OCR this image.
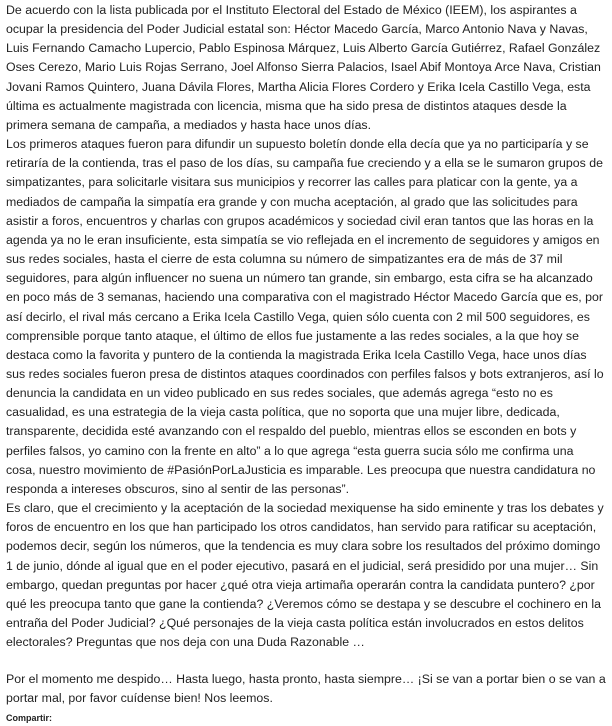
De acuerdo con la lista publicada por el Instituto Electoral del Estado de México (IEEM), los aspirantes a ocupar la presidencia del Poder Judicial estatal son: Héctor Macedo García, Marco Antonio Nava y Navas, Luis Fernando Camacho Lupercio, Pablo Espinosa Márquez, Luis Alberto García Gutiérrez, Rafael González Oses Cerezo, Mario Luis Rojas Serrano, Joel Alfonso Sierra Palacios, Isael Abif Montoya Arce Nava, Cristian Jovani Ramos Quintero, Juana Dávila Flores, Martha Alicia Flores Cordero y Erika Icela Castillo Vega, esta última es actualmente magistrada con licencia, misma que ha sido presa de distintos ataques desde la primera semana de campaña, a mediados y hasta hace unos días.

Los primeros ataques fueron para difundir un supuesto boletín donde ella decía que ya no participaría y se retiraría de la contienda, tras el paso de los días, su campaña fue creciendo y a ella se le sumaron grupos de simpatizantes, para solicitarle visitara sus municipios y recorrer las calles para platicar con la gente, ya a mediados de campaña la simpatía era grande y con mucha aceptación, al grado que las solicitudes para asistir a foros, encuentros y charlas con grupos académicos y sociedad civil eran tantos que las horas en la agenda ya no le eran insuficiente, esta simpatía se vio reflejada en el incremento de seguidores y amigos en sus redes sociales, hasta el cierre de esta columna su número de simpatizantes era de más de 37 mil seguidores, para algún influencer no suena un número tan grande, sin embargo, esta cifra se ha alcanzado en poco más de 3 semanas, haciendo una comparativa con el magistrado Héctor Macedo García que es, por así decirlo, el rival más cercano a Erika Icela Castillo Vega, quien sólo cuenta con 2 mil 500 seguidores, es comprensible porque tanto ataque, el último de ellos fue justamente a las redes sociales, a la que hoy se destaca como la favorita y puntero de la contienda la magistrada Erika Icela Castillo Vega, hace unos días sus redes sociales fueron presa de distintos ataques coordinados con perfiles falsos y bots extranjeros, así lo denuncia la candidata en un video publicado en sus redes sociales, que además agrega “esto no es casualidad, es una estrategia de la vieja casta política, que no soporta que una mujer libre, dedicada, transparente, decidida esté avanzando con el respaldo del pueblo, mientras ellos se esconden en bots y perfiles falsos, yo camino con la frente en alto” a lo que agrega “esta guerra sucia sólo me confirma una cosa, nuestro movimiento de #PasiónPorLaJusticia es imparable. Les preocupa que nuestra candidatura no responda a intereses obscuros, sino al sentir de las personas”.

Es claro, que el crecimiento y la aceptación de la sociedad mexiquense ha sido eminente y tras los debates y foros de encuentro en los que han participado los otros candidatos, han servido para ratificar su aceptación, podemos decir, según los números, que la tendencia es muy clara sobre los resultados del próximo domingo 1 de junio, dónde al igual que en el poder ejecutivo, pasará en el judicial, será presidido por una mujer… Sin embargo, quedan preguntas por hacer ¿qué otra vieja artimaña operarán contra la candidata puntero? ¿por qué les preocupa tanto que gane la contienda? ¿Veremos cómo se destapa y se descubre el cochinero en la entraña del Poder Judicial? ¿Qué personajes de la vieja casta política están involucrados en estos delitos electorales? Preguntas que nos deja con una Duda Razonable …

Por el momento me despido… Hasta luego, hasta pronto, hasta siempre… ¡Si se van a portar bien o se van a portar mal, por favor cuídense bien! Nos leemos.

Compartir:
